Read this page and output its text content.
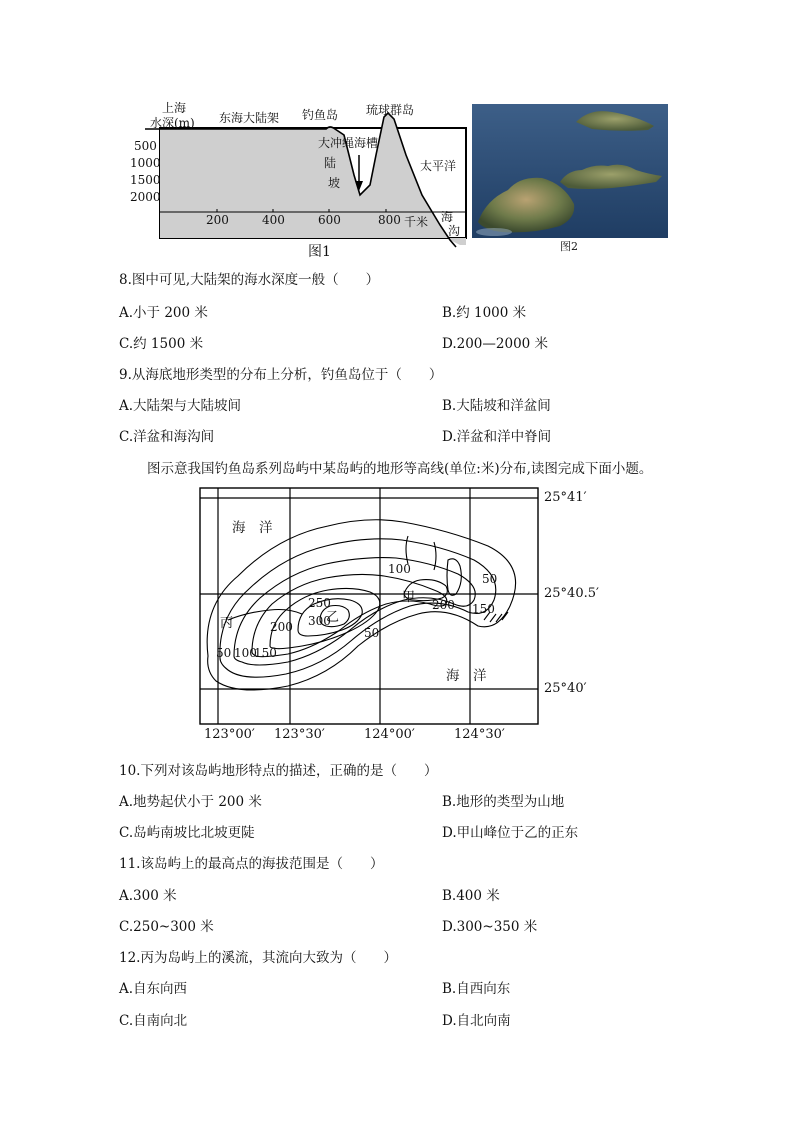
上海
水深(m) 东海大陆架 钓鱼岛 琉球群岛
大冲绳海槽
陆
坡
太平洋
海
沟
500
1000
1500
2000
200	400	600	800 千米
图1	图2
8.图中可见,大陆架的海水深度一般（　　）
A.小于 200 米	B.约 1000 米
C.约 1500 米	D.200—2000 米
9.从海底地形类型的分布上分析，钓鱼岛位于（　　）
A.大陆架与大陆坡间	B.大陆坡和洋盆间
C.洋盆和海沟间	D.洋盆和洋中脊间
图示意我国钓鱼岛系列岛屿中某岛屿的地形等高线(单位:米)分布,读图完成下面小题。
海　洋
海　洋
50 100
150
200
250
300
50
100
150
200
50
甲
乙
丙
25°41′
25°40.5′
25°40′
123°00′ 123°30′	124°00′	124°30′
10.下列对该岛屿地形特点的描述，正确的是（　　）
A.地势起伏小于 200 米	B.地形的类型为山地
C.岛屿南坡比北坡更陡	D.甲山峰位于乙的正东
11.该岛屿上的最高点的海拔范围是（　　）
A.300 米	B.400 米
C.250~300 米	D.300~350 米
12.丙为岛屿上的溪流，其流向大致为（　　）
A.自东向西	B.自西向东
C.自南向北	D.自北向南
